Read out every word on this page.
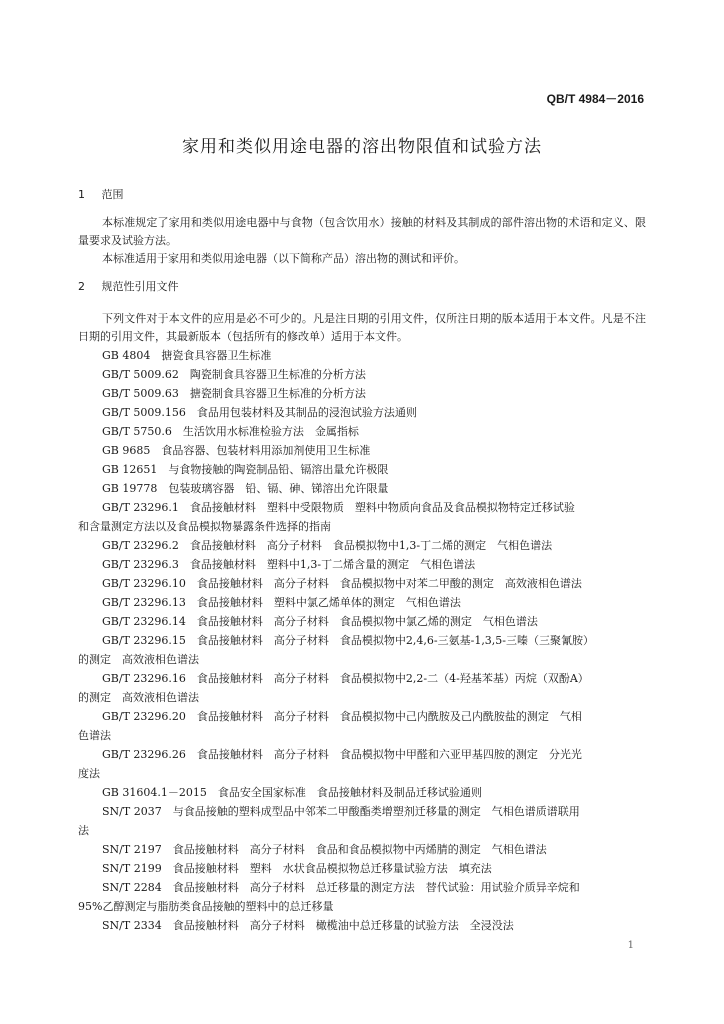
QB/T 4984－2016
家用和类似用途电器的溶出物限值和试验方法
1 范围
本标准规定了家用和类似用途电器中与食物（包含饮用水）接触的材料及其制成的部件溶出物的术语和定义、限量要求及试验方法。
本标准适用于家用和类似用途电器（以下简称产品）溶出物的测试和评价。
2 规范性引用文件
下列文件对于本文件的应用是必不可少的。凡是注日期的引用文件，仅所注日期的版本适用于本文件。凡是不注日期的引用文件，其最新版本（包括所有的修改单）适用于本文件。
GB 4804　搪瓷食具容器卫生标准
GB/T 5009.62　陶瓷制食具容器卫生标准的分析方法
GB/T 5009.63　搪瓷制食具容器卫生标准的分析方法
GB/T 5009.156　食品用包装材料及其制品的浸泡试验方法通则
GB/T 5750.6　生活饮用水标准检验方法　金属指标
GB 9685　食品容器、包装材料用添加剂使用卫生标准
GB 12651　与食物接触的陶瓷制品铅、镉溶出量允许极限
GB 19778　包装玻璃容器　铅、镉、砷、锑溶出允许限量
GB/T 23296.1　食品接触材料　塑料中受限物质　塑料中物质向食品及食品模拟物特定迁移试验
和含量测定方法以及食品模拟物暴露条件选择的指南
GB/T 23296.2　食品接触材料　高分子材料　食品模拟物中1,3-丁二烯的测定　气相色谱法
GB/T 23296.3　食品接触材料　塑料中1,3-丁二烯含量的测定　气相色谱法
GB/T 23296.10　食品接触材料　高分子材料　食品模拟物中对苯二甲酸的测定　高效液相色谱法
GB/T 23296.13　食品接触材料　塑料中氯乙烯单体的测定　气相色谱法
GB/T 23296.14　食品接触材料　高分子材料　食品模拟物中氯乙烯的测定　气相色谱法
GB/T 23296.15　食品接触材料　高分子材料　食品模拟物中2,4,6-三氨基-1,3,5-三嗪（三聚氰胺）
的测定　高效液相色谱法
GB/T 23296.16　食品接触材料　高分子材料　食品模拟物中2,2-二（4-羟基苯基）丙烷（双酚A）
的测定　高效液相色谱法
GB/T 23296.20　食品接触材料　高分子材料　食品模拟物中己内酰胺及己内酰胺盐的测定　气相
色谱法
GB/T 23296.26　食品接触材料　高分子材料　食品模拟物中甲醛和六亚甲基四胺的测定　分光光
度法
GB 31604.1－2015　食品安全国家标准　食品接触材料及制品迁移试验通则
SN/T 2037　与食品接触的塑料成型品中邻苯二甲酸酯类增塑剂迁移量的测定　气相色谱质谱联用
法
SN/T 2197　食品接触材料　高分子材料　食品和食品模拟物中丙烯腈的测定　气相色谱法
SN/T 2199　食品接触材料　塑料　水状食品模拟物总迁移量试验方法　填充法
SN/T 2284　食品接触材料　高分子材料　总迁移量的测定方法　替代试验：用试验介质异辛烷和
95%乙醇测定与脂肪类食品接触的塑料中的总迁移量
SN/T 2334　食品接触材料　高分子材料　橄榄油中总迁移量的试验方法　全浸没法
1
